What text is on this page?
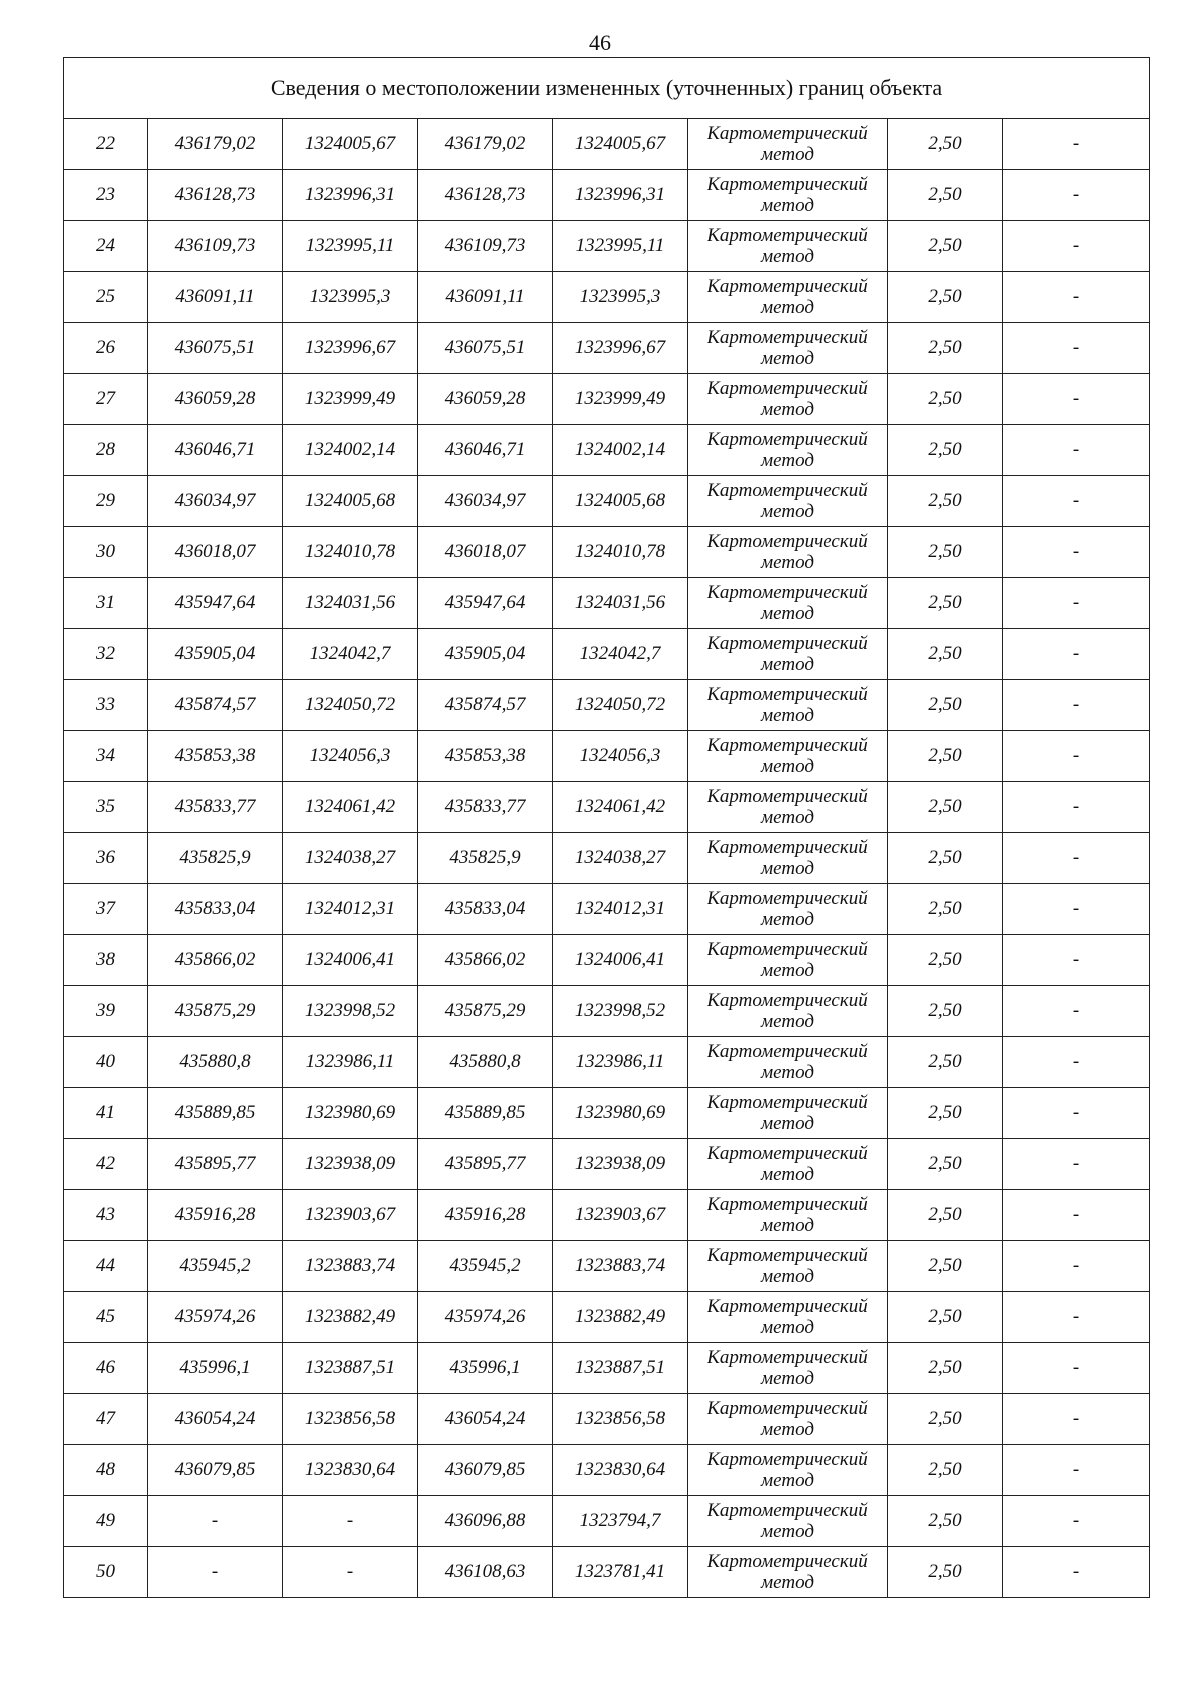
46
Сведения о местоположении измененных (уточненных) границ объекта							
22	436179,02	1324005,67	436179,02	1324005,67	Картометрический
метод	2,50	-
23	436128,73	1323996,31	436128,73	1323996,31	Картометрический
метод	2,50	-
24	436109,73	1323995,11	436109,73	1323995,11	Картометрический
метод	2,50	-
25	436091,11	1323995,3	436091,11	1323995,3	Картометрический
метод	2,50	-
26	436075,51	1323996,67	436075,51	1323996,67	Картометрический
метод	2,50	-
27	436059,28	1323999,49	436059,28	1323999,49	Картометрический
метод	2,50	-
28	436046,71	1324002,14	436046,71	1324002,14	Картометрический
метод	2,50	-
29	436034,97	1324005,68	436034,97	1324005,68	Картометрический
метод	2,50	-
30	436018,07	1324010,78	436018,07	1324010,78	Картометрический
метод	2,50	-
31	435947,64	1324031,56	435947,64	1324031,56	Картометрический
метод	2,50	-
32	435905,04	1324042,7	435905,04	1324042,7	Картометрический
метод	2,50	-
33	435874,57	1324050,72	435874,57	1324050,72	Картометрический
метод	2,50	-
34	435853,38	1324056,3	435853,38	1324056,3	Картометрический
метод	2,50	-
35	435833,77	1324061,42	435833,77	1324061,42	Картометрический
метод	2,50	-
36	435825,9	1324038,27	435825,9	1324038,27	Картометрический
метод	2,50	-
37	435833,04	1324012,31	435833,04	1324012,31	Картометрический
метод	2,50	-
38	435866,02	1324006,41	435866,02	1324006,41	Картометрический
метод	2,50	-
39	435875,29	1323998,52	435875,29	1323998,52	Картометрический
метод	2,50	-
40	435880,8	1323986,11	435880,8	1323986,11	Картометрический
метод	2,50	-
41	435889,85	1323980,69	435889,85	1323980,69	Картометрический
метод	2,50	-
42	435895,77	1323938,09	435895,77	1323938,09	Картометрический
метод	2,50	-
43	435916,28	1323903,67	435916,28	1323903,67	Картометрический
метод	2,50	-
44	435945,2	1323883,74	435945,2	1323883,74	Картометрический
метод	2,50	-
45	435974,26	1323882,49	435974,26	1323882,49	Картометрический
метод	2,50	-
46	435996,1	1323887,51	435996,1	1323887,51	Картометрический
метод	2,50	-
47	436054,24	1323856,58	436054,24	1323856,58	Картометрический
метод	2,50	-
48	436079,85	1323830,64	436079,85	1323830,64	Картометрический
метод	2,50	-
49	-	-	436096,88	1323794,7	Картометрический
метод	2,50	-
50	-	-	436108,63	1323781,41	Картометрический
метод	2,50	-
